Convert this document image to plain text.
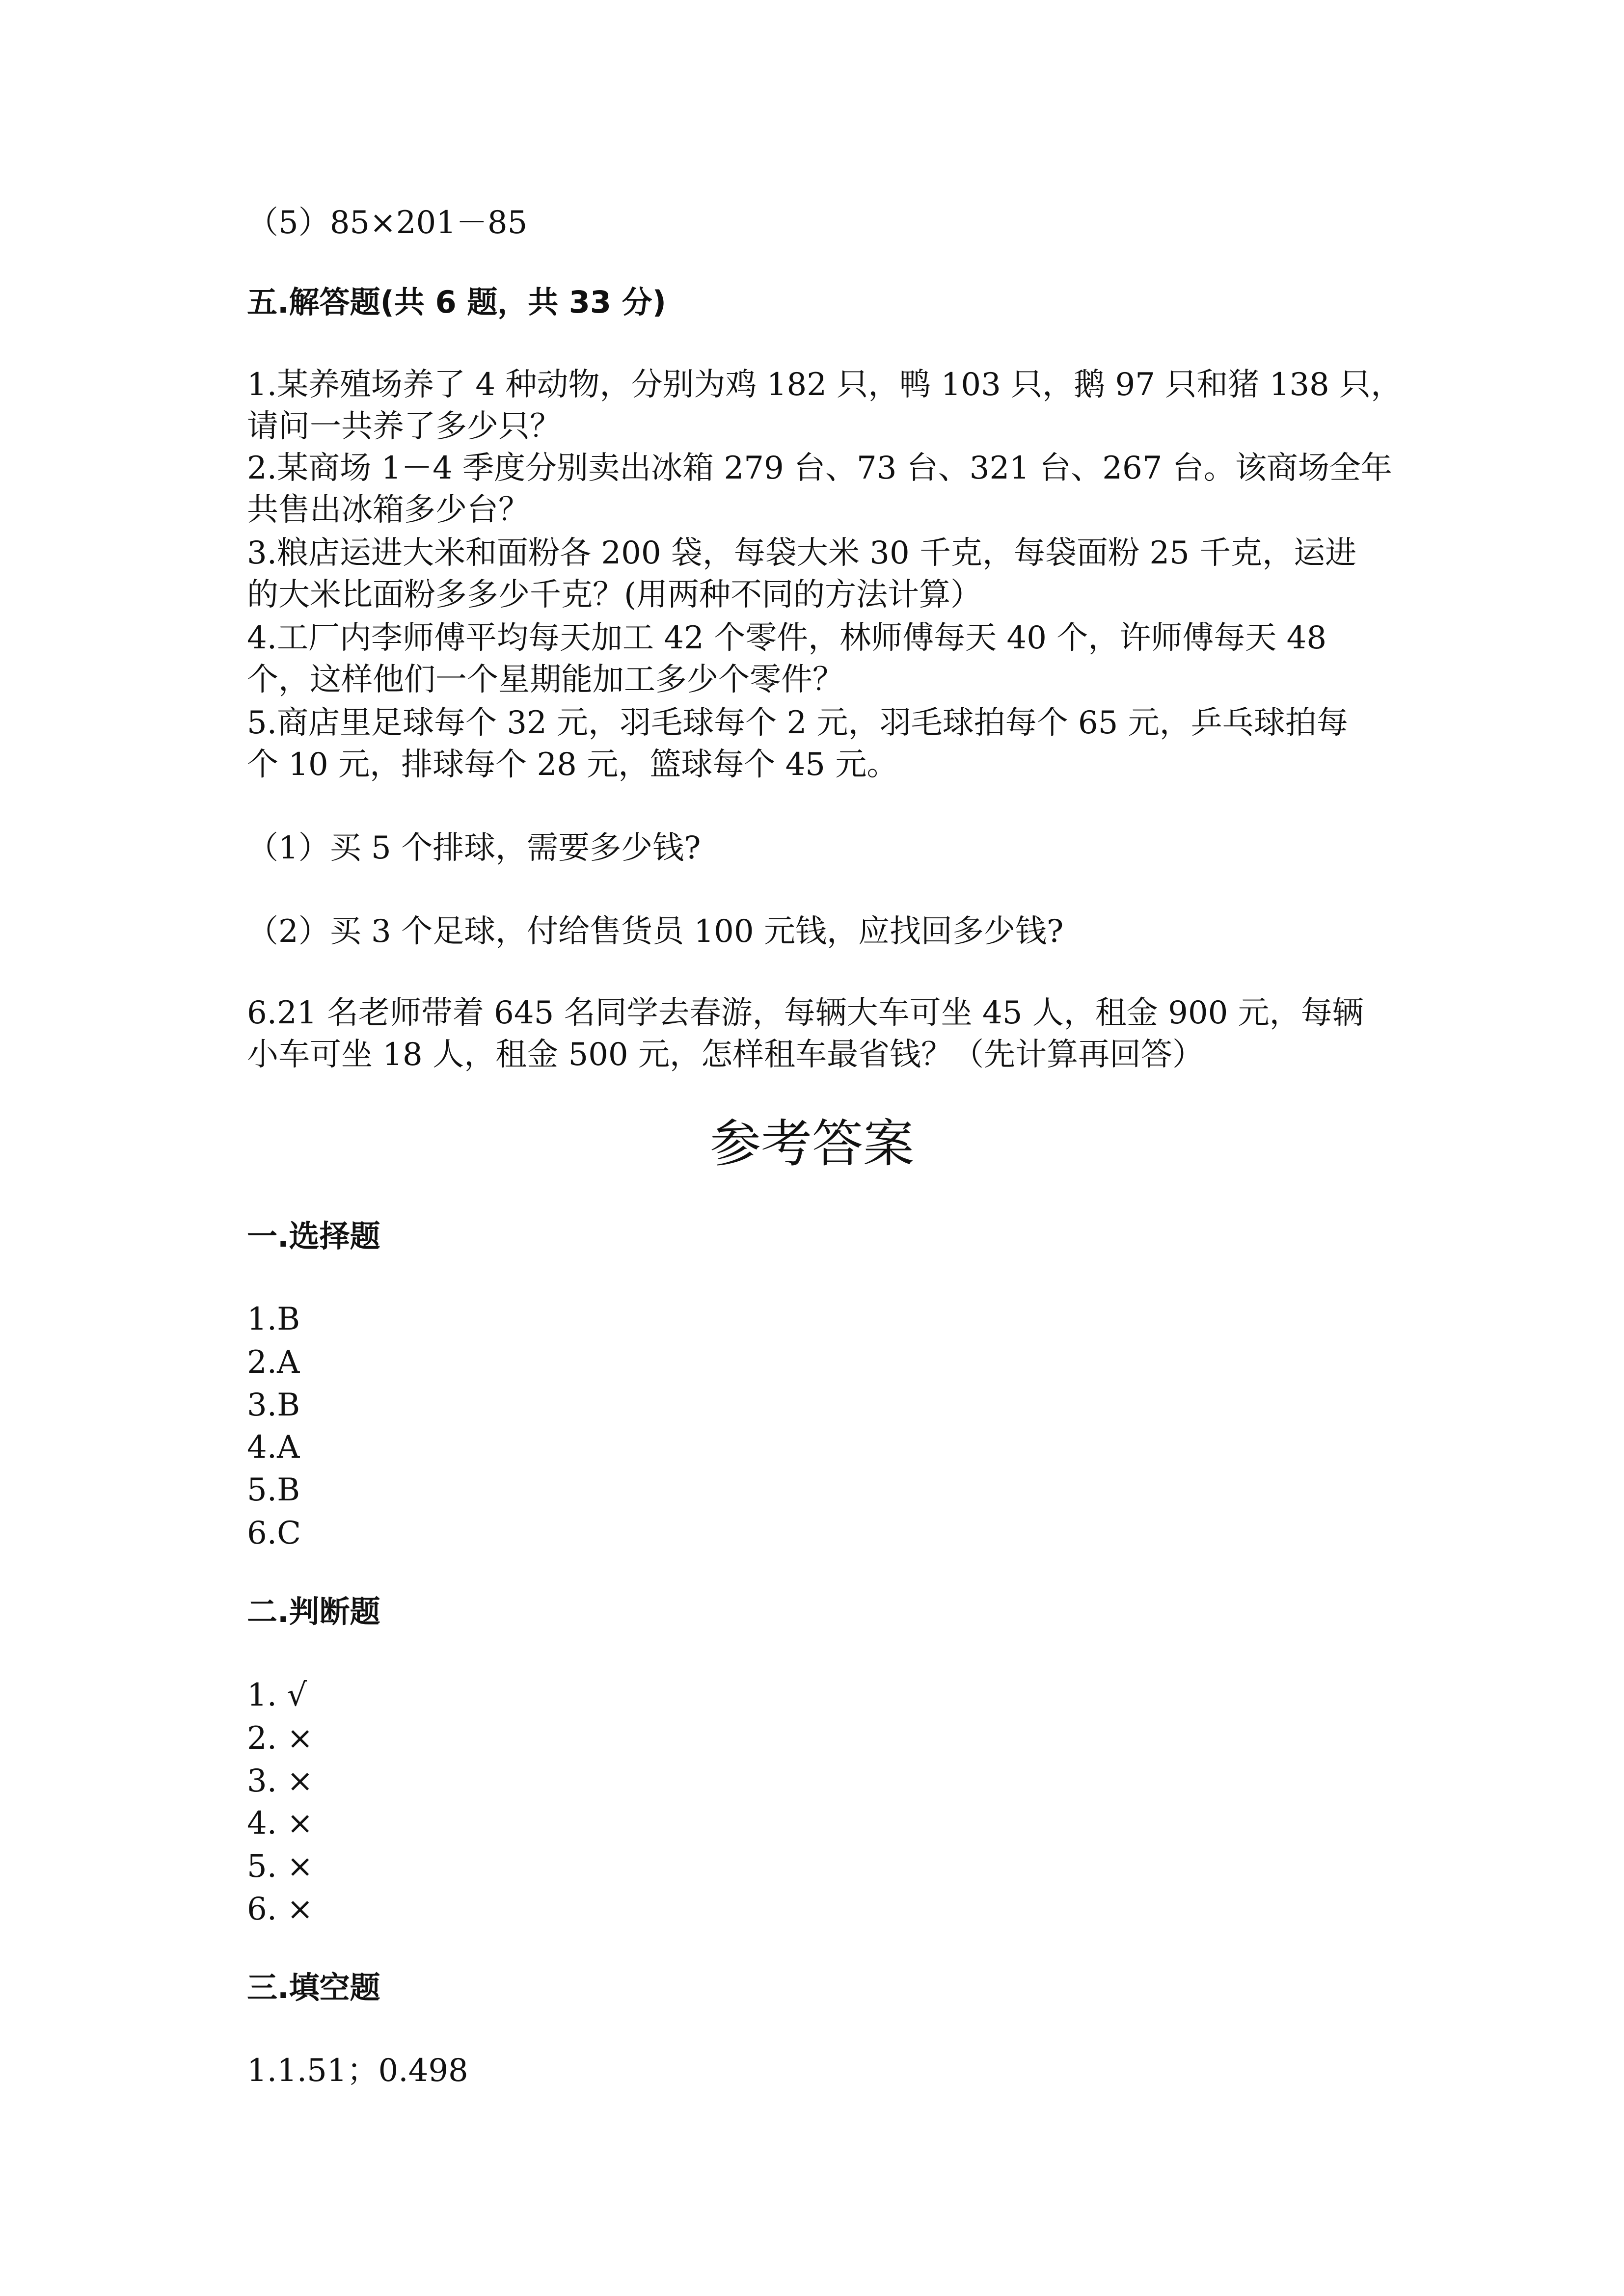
（5）85×201－85

五.解答题(共 6 题，共 33 分)

1.某养殖场养了 4 种动物，分别为鸡 182 只，鸭 103 只，鹅 97 只和猪 138 只，

请问一共养了多少只？

2.某商场 1－4 季度分别卖出冰箱 279 台、73 台、321 台、267 台。该商场全年

共售出冰箱多少台？

3.粮店运进大米和面粉各 200 袋，每袋大米 30 千克，每袋面粉 25 千克，运进

的大米比面粉多多少千克？(用两种不同的方法计算）

4.工厂内李师傅平均每天加工 42 个零件，林师傅每天 40 个，许师傅每天 48

个，这样他们一个星期能加工多少个零件？

5.商店里足球每个 32 元，羽毛球每个 2 元，羽毛球拍每个 65 元，乒乓球拍每

个 10 元，排球每个 28 元，篮球每个 45 元。

（1）买 5 个排球，需要多少钱?

（2）买 3 个足球，付给售货员 100 元钱，应找回多少钱?

6.21 名老师带着 645 名同学去春游，每辆大车可坐 45 人，租金 900 元，每辆

小车可坐 18 人，租金 500 元，怎样租车最省钱？（先计算再回答）

参考答案

一.选择题

1.B

2.A

3.B

4.A

5.B

6.C

二.判断题

1. √

2. ×

3. ×

4. ×

5. ×

6. ×

三.填空题

1.1.51；0.498
